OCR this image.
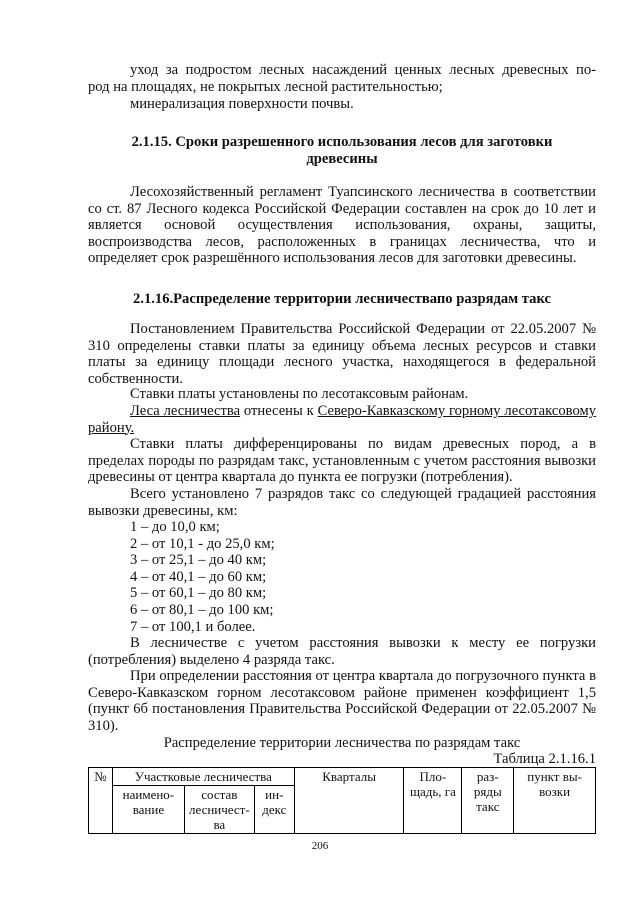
уход за подростом лесных насаждений ценных лесных древесных по-

род на площадях, не покрытых лесной растительностью;

минерализация поверхности почвы.

2.1.15. Сроки разрешенного использования лесов для заготовки
древесины

Лесохозяйственный регламент Туапсинского лесничества в соответствии со ст. 87 Лесного кодекса Российской Федерации составлен на срок до 10 лет и является основой осуществления использования, охраны, защиты, воспроизводства лесов, расположенных в границах лесничества, что и определяет срок разрешённого использования лесов для заготовки древесины.

2.1.16.Распределение территории лесничествапо разрядам такс

Постановлением Правительства Российской Федерации от 22.05.2007 № 310 определены ставки платы за единицу объема лесных ресурсов и ставки платы за единицу площади лесного участка, находящегося в федеральной собственности.

Ставки платы установлены по лесотаксовым районам.

Леса лесничества отнесены к Северо-Кавказскому горному лесотаксовому району.

Ставки платы дифференцированы по видам древесных пород, а в пределах породы по разрядам такс, установленным с учетом расстояния вывозки древесины от центра квартала до пункта ее погрузки (потребления).

Всего установлено 7 разрядов такс со следующей градацией расстояния вывозки древесины, км:

1 – до 10,0 км;
2 – от 10,1 - до 25,0 км;
3 – от 25,1 – до 40 км;
4 – от 40,1 – до 60 км;
5 – от 60,1 – до 80 км;
6 – от 80,1 – до 100 км;
7 – от 100,1 и более.

В лесничестве с учетом расстояния вывозки к месту ее погрузки (потребления) выделено 4 разряда такс.

При определении расстояния от центра квартала до погрузочного пункта в Северо-Кавказском горном лесотаксовом районе применен коэффициент 1,5 (пункт 6б постановления Правительства Российской Федерации от 22.05.2007 № 310).

Распределение территории лесничества по разрядам такс

Таблица 2.1.16.1

№	Участковые лесничества			Кварталы	Пло-щадь, га	раз-ряды такс	пункт вы-возки
	наимено-вание	состав лесничест-ва	ин-декс				
206
